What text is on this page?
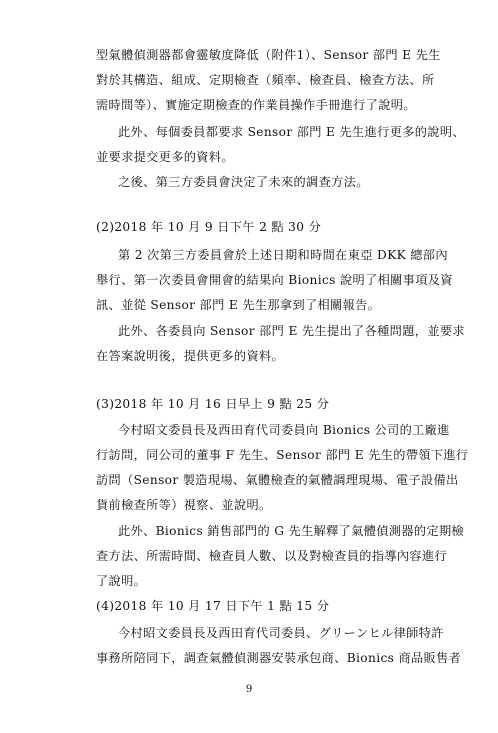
型氣體偵測器都會靈敏度降低（附件1）、Sensor 部門 E 先生
對於其構造、組成、定期檢查（頻率、檢查員、檢查方法、所
需時間等）、實施定期檢查的作業員操作手冊進行了說明。
此外、每個委員都要求 Sensor 部門 E 先生進行更多的說明、
並要求提交更多的資料。
之後、第三方委員會決定了未來的調查方法。
(2)2018 年 10 月 9 日下午 2 點 30 分
第 2 次第三方委員會於上述日期和時間在東亞 DKK 總部內
舉行、第一次委員會開會的結果向 Bionics 說明了相關事項及資
訊、並從 Sensor 部門 E 先生那拿到了相關報告。
此外、各委員向 Sensor 部門 E 先生提出了各種問題，並要求
在答案說明後，提供更多的資料。
(3)2018 年 10 月 16 日早上 9 點 25 分
今村昭文委員長及西田育代司委員向 Bionics 公司的工廠進
行訪問，同公司的董事 F 先生、Sensor 部門 E 先生的帶領下進行
訪問（Sensor 製造現場、氣體檢查的氣體調理現場、電子設備出
貨前檢查所等）視察、並說明。
此外、Bionics 銷售部門的 G 先生解釋了氣體偵測器的定期檢
查方法、所需時間、檢查員人數、以及對檢查員的指導內容進行
了說明。
(4)2018 年 10 月 17 日下午 1 點 15 分
今村昭文委員長及西田育代司委員、グリーンヒル律師特許
事務所陪同下，調查氣體偵測器安裝承包商、Bionics 商品販售者
9
